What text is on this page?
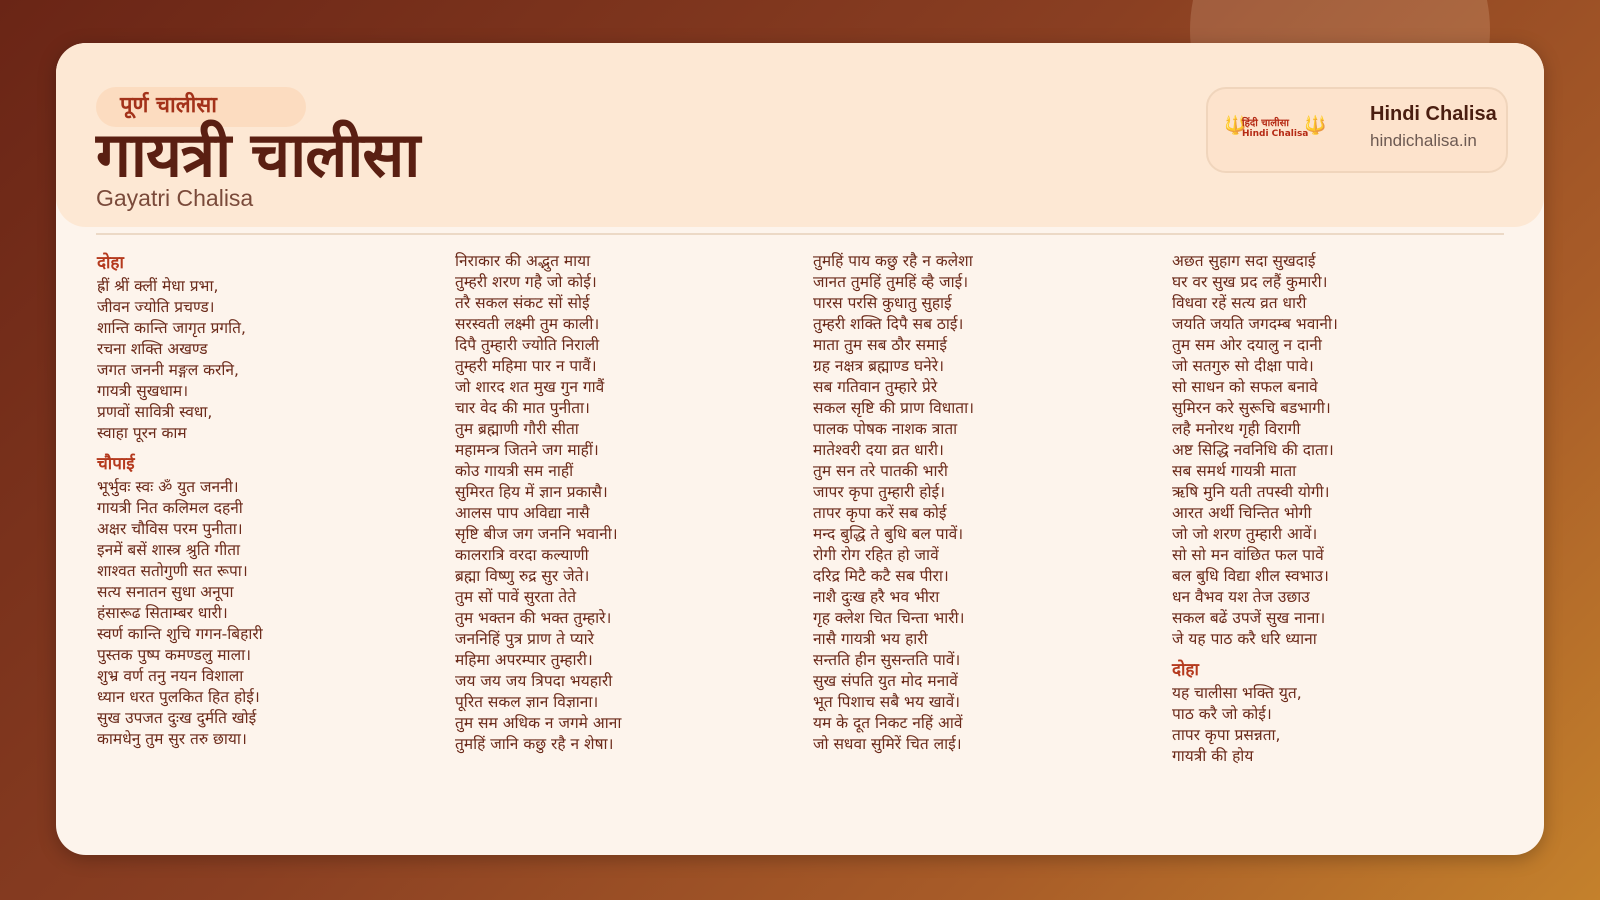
पूर्ण चालीसा
गायत्री चालीसा
Gayatri Chalisa
🔱
हिंदी चालीसा
Hindi Chalisa
🔱
Hindi Chalisa
hindichalisa.in
दोहा
ह्रीं श्रीं क्लीं मेधा प्रभा,
जीवन ज्योति प्रचण्ड।
शान्ति कान्ति जागृत प्रगति,
रचना शक्ति अखण्ड
जगत जननी मङ्गल करनि,
गायत्री सुखधाम।
प्रणवों सावित्री स्वधा,
स्वाहा पूरन काम
चौपाई
भूर्भुवः स्वः ॐ युत जननी।
गायत्री नित कलिमल दहनी
अक्षर चौविस परम पुनीता।
इनमें बसें शास्त्र श्रुति गीता
शाश्वत सतोगुणी सत रूपा।
सत्य सनातन सुधा अनूपा
हंसारूढ सिताम्बर धारी।
स्वर्ण कान्ति शुचि गगन-बिहारी
पुस्तक पुष्प कमण्डलु माला।
शुभ्र वर्ण तनु नयन विशाला
ध्यान धरत पुलकित हित होई।
सुख उपजत दुःख दुर्मति खोई
कामधेनु तुम सुर तरु छाया।
निराकार की अद्भुत माया
तुम्हरी शरण गहै जो कोई।
तरै सकल संकट सों सोई
सरस्वती लक्ष्मी तुम काली।
दिपै तुम्हारी ज्योति निराली
तुम्हरी महिमा पार न पावैं।
जो शारद शत मुख गुन गावैं
चार वेद की मात पुनीता।
तुम ब्रह्माणी गौरी सीता
महामन्त्र जितने जग माहीं।
कोउ गायत्री सम नाहीं
सुमिरत हिय में ज्ञान प्रकासै।
आलस पाप अविद्या नासै
सृष्टि बीज जग जननि भवानी।
कालरात्रि वरदा कल्याणी
ब्रह्मा विष्णु रुद्र सुर जेते।
तुम सों पावें सुरता तेते
तुम भक्तन की भक्त तुम्हारे।
जननिहिं पुत्र प्राण ते प्यारे
महिमा अपरम्पार तुम्हारी।
जय जय जय त्रिपदा भयहारी
पूरित सकल ज्ञान विज्ञाना।
तुम सम अधिक न जगमे आना
तुमहिं जानि कछु रहै न शेषा।
तुमहिं पाय कछु रहै न कलेशा
जानत तुमहिं तुमहिं व्है जाई।
पारस परसि कुधातु सुहाई
तुम्हरी शक्ति दिपै सब ठाई।
माता तुम सब ठौर समाई
ग्रह नक्षत्र ब्रह्माण्ड घनेरे।
सब गतिवान तुम्हारे प्रेरे
सकल सृष्टि की प्राण विधाता।
पालक पोषक नाशक त्राता
मातेश्वरी दया व्रत धारी।
तुम सन तरे पातकी भारी
जापर कृपा तुम्हारी होई।
तापर कृपा करें सब कोई
मन्द बुद्धि ते बुधि बल पावें।
रोगी रोग रहित हो जावें
दरिद्र मिटै कटै सब पीरा।
नाशै दुःख हरै भव भीरा
गृह क्लेश चित चिन्ता भारी।
नासै गायत्री भय हारी
सन्तति हीन सुसन्तति पावें।
सुख संपति युत मोद मनावें
भूत पिशाच सबै भय खावें।
यम के दूत निकट नहिं आवें
जो सधवा सुमिरें चित लाई।
अछत सुहाग सदा सुखदाई
घर वर सुख प्रद लहैं कुमारी।
विधवा रहें सत्य व्रत धारी
जयति जयति जगदम्ब भवानी।
तुम सम ओर दयालु न दानी
जो सतगुरु सो दीक्षा पावे।
सो साधन को सफल बनावे
सुमिरन करे सुरूचि बडभागी।
लहै मनोरथ गृही विरागी
अष्ट सिद्धि नवनिधि की दाता।
सब समर्थ गायत्री माता
ऋषि मुनि यती तपस्वी योगी।
आरत अर्थी चिन्तित भोगी
जो जो शरण तुम्हारी आवें।
सो सो मन वांछित फल पावें
बल बुधि विद्या शील स्वभाउ।
धन वैभव यश तेज उछाउ
सकल बढें उपजें सुख नाना।
जे यह पाठ करै धरि ध्याना
दोहा
यह चालीसा भक्ति युत,
पाठ करै जो कोई।
तापर कृपा प्रसन्नता,
गायत्री की होय
